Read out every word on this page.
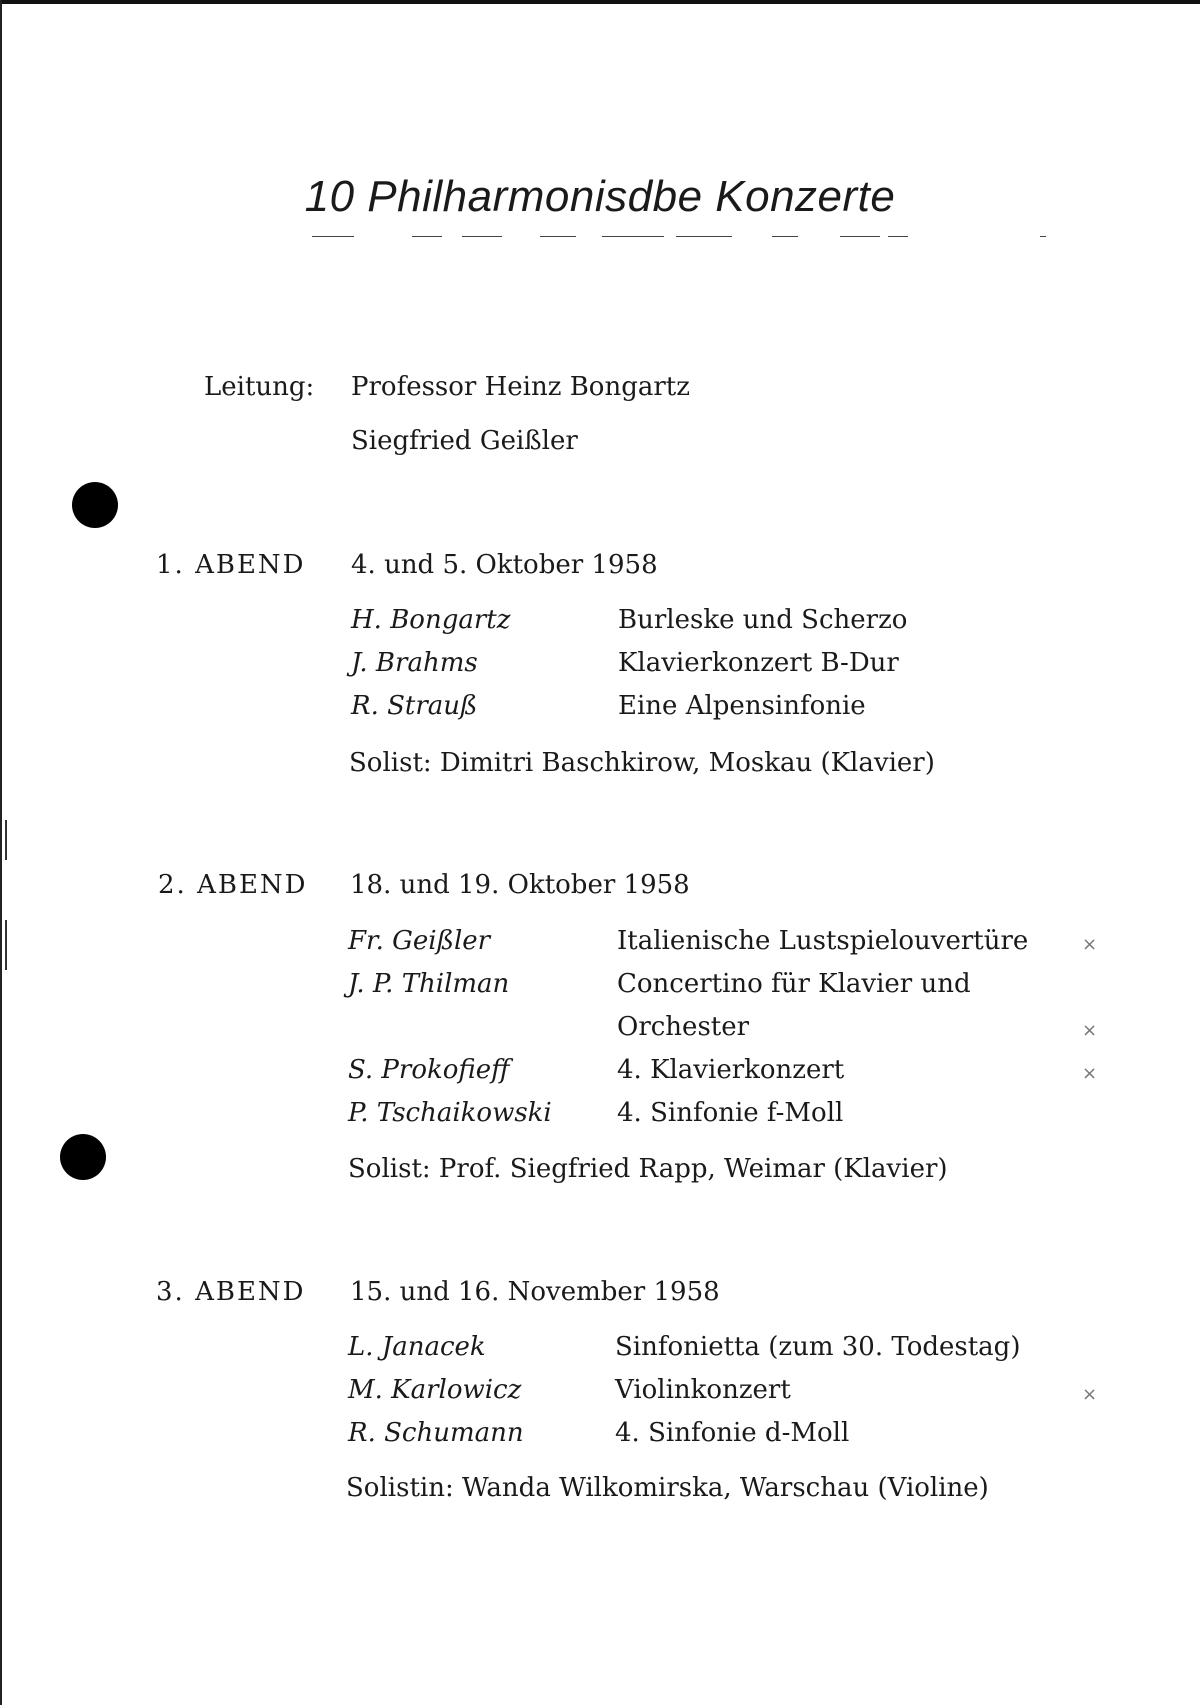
10 Philharmonisdbe Konzerte
Leitung: Professor Heinz Bongartz
Siegfried Geißler
1. ABEND 4. und 5. Oktober 1958
H. Bongartz	Burleske und Scherzo
J. Brahms	Klavierkonzert B-Dur
R. Strauß	Eine Alpensinfonie
Solist: Dimitri Baschkirow, Moskau (Klavier)
2. ABEND 18. und 19. Oktober 1958
Fr. Geißler	Italienische Lustspielouvertüre
J. P. Thilman	Concertino für Klavier und
Orchester
S. Prokofieff	4. Klavierkonzert
P. Tschaikowski	4. Sinfonie f-Moll
Solist: Prof. Siegfried Rapp, Weimar (Klavier)
3. ABEND 15. und 16. November 1958
L. Janacek	Sinfonietta (zum 30. Todestag)
M. Karlowicz	Violinkonzert
R. Schumann	4. Sinfonie d-Moll
Solistin: Wanda Wilkomirska, Warschau (Violine)
×
×
×
×
